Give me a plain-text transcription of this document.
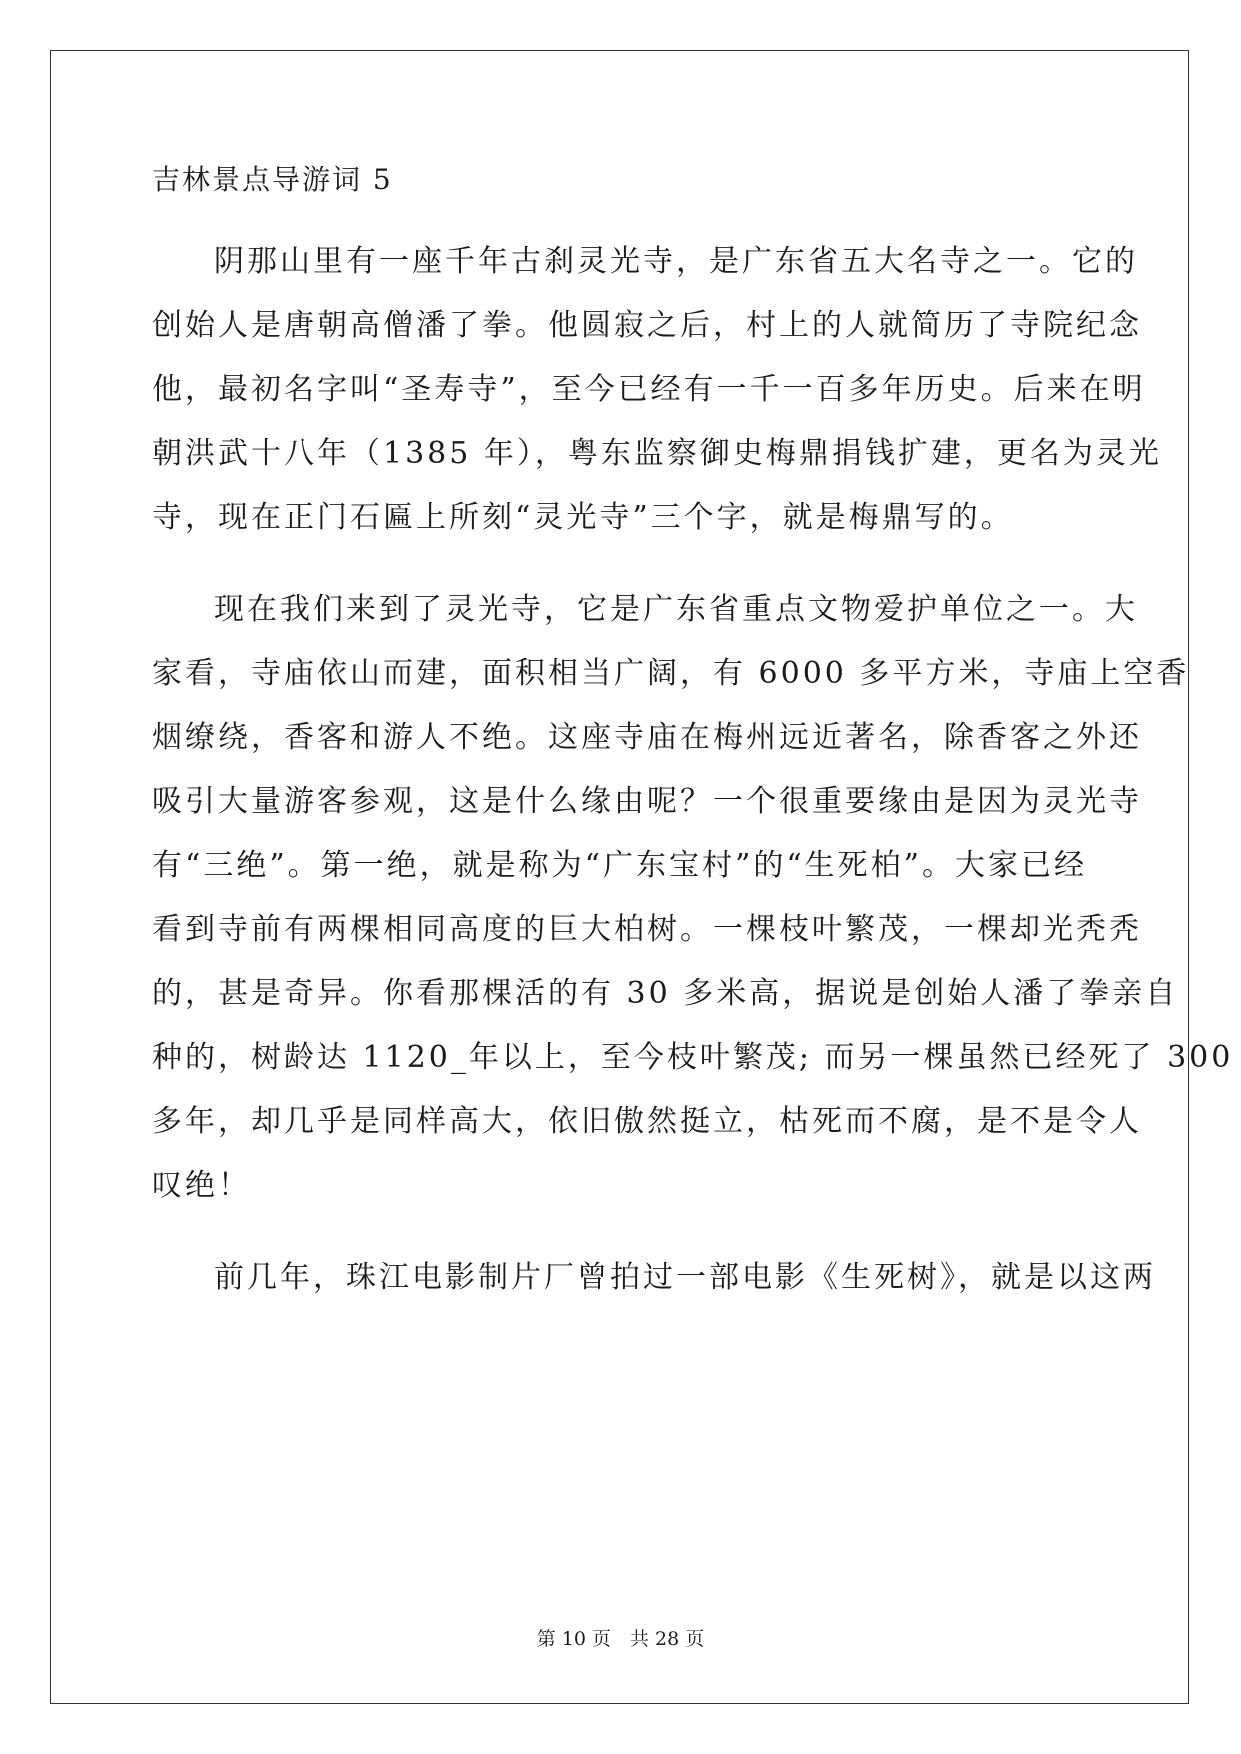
吉林景点导游词 5
阴那山里有一座千年古刹灵光寺，是广东省五大名寺之一。它的
创始人是唐朝高僧潘了拳。他圆寂之后，村上的人就简历了寺院纪念
他，最初名字叫“圣寿寺”，至今已经有一千一百多年历史。后来在明
朝洪武十八年（1385 年），粤东监察御史梅鼎捐钱扩建，更名为灵光
寺，现在正门石匾上所刻“灵光寺”三个字，就是梅鼎写的。
现在我们来到了灵光寺，它是广东省重点文物爱护单位之一。大
家看，寺庙依山而建，面积相当广阔，有 6000 多平方米，寺庙上空香
烟缭绕，香客和游人不绝。这座寺庙在梅州远近著名，除香客之外还
吸引大量游客参观，这是什么缘由呢？一个很重要缘由是因为灵光寺
有“三绝”。第一绝，就是称为“广东宝村”的“生死柏”。大家已经
看到寺前有两棵相同高度的巨大柏树。一棵枝叶繁茂，一棵却光秃秃
的，甚是奇异。你看那棵活的有 30 多米高，据说是创始人潘了拳亲自
种的，树龄达 1120_年以上，至今枝叶繁茂; 而另一棵虽然已经死了 300
多年，却几乎是同样高大，依旧傲然挺立，枯死而不腐，是不是令人
叹绝！
前几年，珠江电影制片厂曾拍过一部电影《生死树》，就是以这两
第 10 页　共 28 页
